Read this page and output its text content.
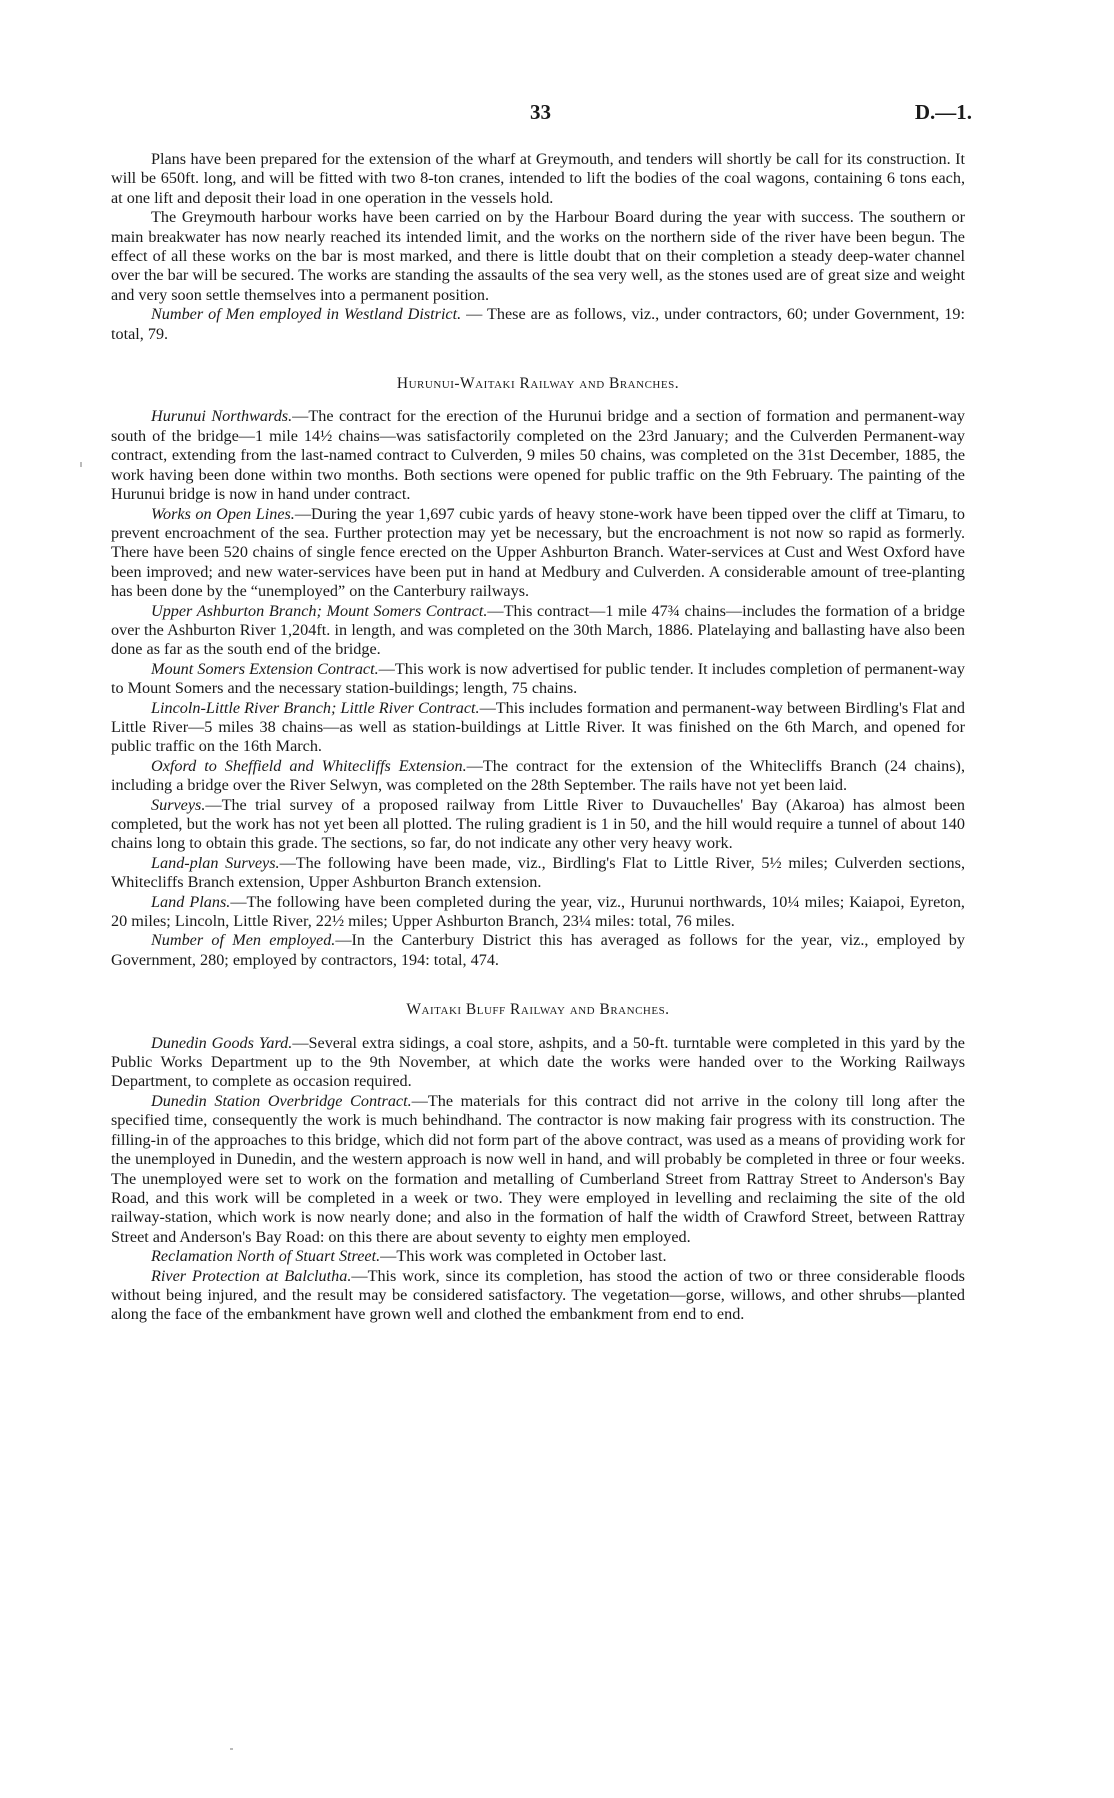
33	D.—1.

Plans have been prepared for the extension of the wharf at Greymouth, and tenders will shortly be call for its construction. It will be 650ft. long, and will be fitted with two 8-ton cranes, intended to lift the bodies of the coal wagons, containing 6 tons each, at one lift and deposit their load in one operation in the vessels hold.

The Greymouth harbour works have been carried on by the Harbour Board during the year with success. The southern or main breakwater has now nearly reached its intended limit, and the works on the northern side of the river have been begun. The effect of all these works on the bar is most marked, and there is little doubt that on their completion a steady deep-water channel over the bar will be secured. The works are standing the assaults of the sea very well, as the stones used are of great size and weight and very soon settle themselves into a permanent position.

Number of Men employed in Westland District. — These are as follows, viz., under contractors, 60; under Government, 19: total, 79.

Hurunui-Waitaki Railway and Branches.

Hurunui Northwards.—The contract for the erection of the Hurunui bridge and a section of formation and permanent-way south of the bridge—1 mile 14½ chains—was satisfactorily completed on the 23rd January; and the Culverden Permanent-way contract, extending from the last-named contract to Culverden, 9 miles 50 chains, was completed on the 31st December, 1885, the work having been done within two months. Both sections were opened for public traffic on the 9th February. The painting of the Hurunui bridge is now in hand under contract.

Works on Open Lines.—During the year 1,697 cubic yards of heavy stone-work have been tipped over the cliff at Timaru, to prevent encroachment of the sea. Further protection may yet be necessary, but the encroachment is not now so rapid as formerly. There have been 520 chains of single fence erected on the Upper Ashburton Branch. Water-services at Cust and West Oxford have been improved; and new water-services have been put in hand at Medbury and Culverden. A considerable amount of tree-planting has been done by the “unemployed” on the Canterbury railways.

Upper Ashburton Branch; Mount Somers Contract.—This contract—1 mile 47¾ chains—includes the formation of a bridge over the Ashburton River 1,204ft. in length, and was completed on the 30th March, 1886. Platelaying and ballasting have also been done as far as the south end of the bridge.

Mount Somers Extension Contract.—This work is now advertised for public tender. It includes completion of permanent-way to Mount Somers and the necessary station-buildings; length, 75 chains.

Lincoln-Little River Branch; Little River Contract.—This includes formation and permanent-way between Birdling's Flat and Little River—5 miles 38 chains—as well as station-buildings at Little River. It was finished on the 6th March, and opened for public traffic on the 16th March.

Oxford to Sheffield and Whitecliffs Extension.—The contract for the extension of the Whitecliffs Branch (24 chains), including a bridge over the River Selwyn, was completed on the 28th September. The rails have not yet been laid.

Surveys.—The trial survey of a proposed railway from Little River to Duvauchelles' Bay (Akaroa) has almost been completed, but the work has not yet been all plotted. The ruling gradient is 1 in 50, and the hill would require a tunnel of about 140 chains long to obtain this grade. The sections, so far, do not indicate any other very heavy work.

Land-plan Surveys.—The following have been made, viz., Birdling's Flat to Little River, 5½ miles; Culverden sections, Whitecliffs Branch extension, Upper Ashburton Branch extension.

Land Plans.—The following have been completed during the year, viz., Hurunui northwards, 10¼ miles; Kaiapoi, Eyreton, 20 miles; Lincoln, Little River, 22½ miles; Upper Ashburton Branch, 23¼ miles: total, 76 miles.

Number of Men employed.—In the Canterbury District this has averaged as follows for the year, viz., employed by Government, 280; employed by contractors, 194: total, 474.

Waitaki Bluff Railway and Branches.

Dunedin Goods Yard.—Several extra sidings, a coal store, ashpits, and a 50-ft. turntable were completed in this yard by the Public Works Department up to the 9th November, at which date the works were handed over to the Working Railways Department, to complete as occasion required.

Dunedin Station Overbridge Contract.—The materials for this contract did not arrive in the colony till long after the specified time, consequently the work is much behindhand. The contractor is now making fair progress with its construction. The filling-in of the approaches to this bridge, which did not form part of the above contract, was used as a means of providing work for the unemployed in Dunedin, and the western approach is now well in hand, and will probably be completed in three or four weeks. The unemployed were set to work on the formation and metalling of Cumberland Street from Rattray Street to Anderson's Bay Road, and this work will be completed in a week or two. They were employed in levelling and reclaiming the site of the old railway-station, which work is now nearly done; and also in the formation of half the width of Crawford Street, between Rattray Street and Anderson's Bay Road: on this there are about seventy to eighty men employed.

Reclamation North of Stuart Street.—This work was completed in October last.

River Protection at Balclutha.—This work, since its completion, has stood the action of two or three considerable floods without being injured, and the result may be considered satisfactory. The vegetation—gorse, willows, and other shrubs—planted along the face of the embankment have grown well and clothed the embankment from end to end.
